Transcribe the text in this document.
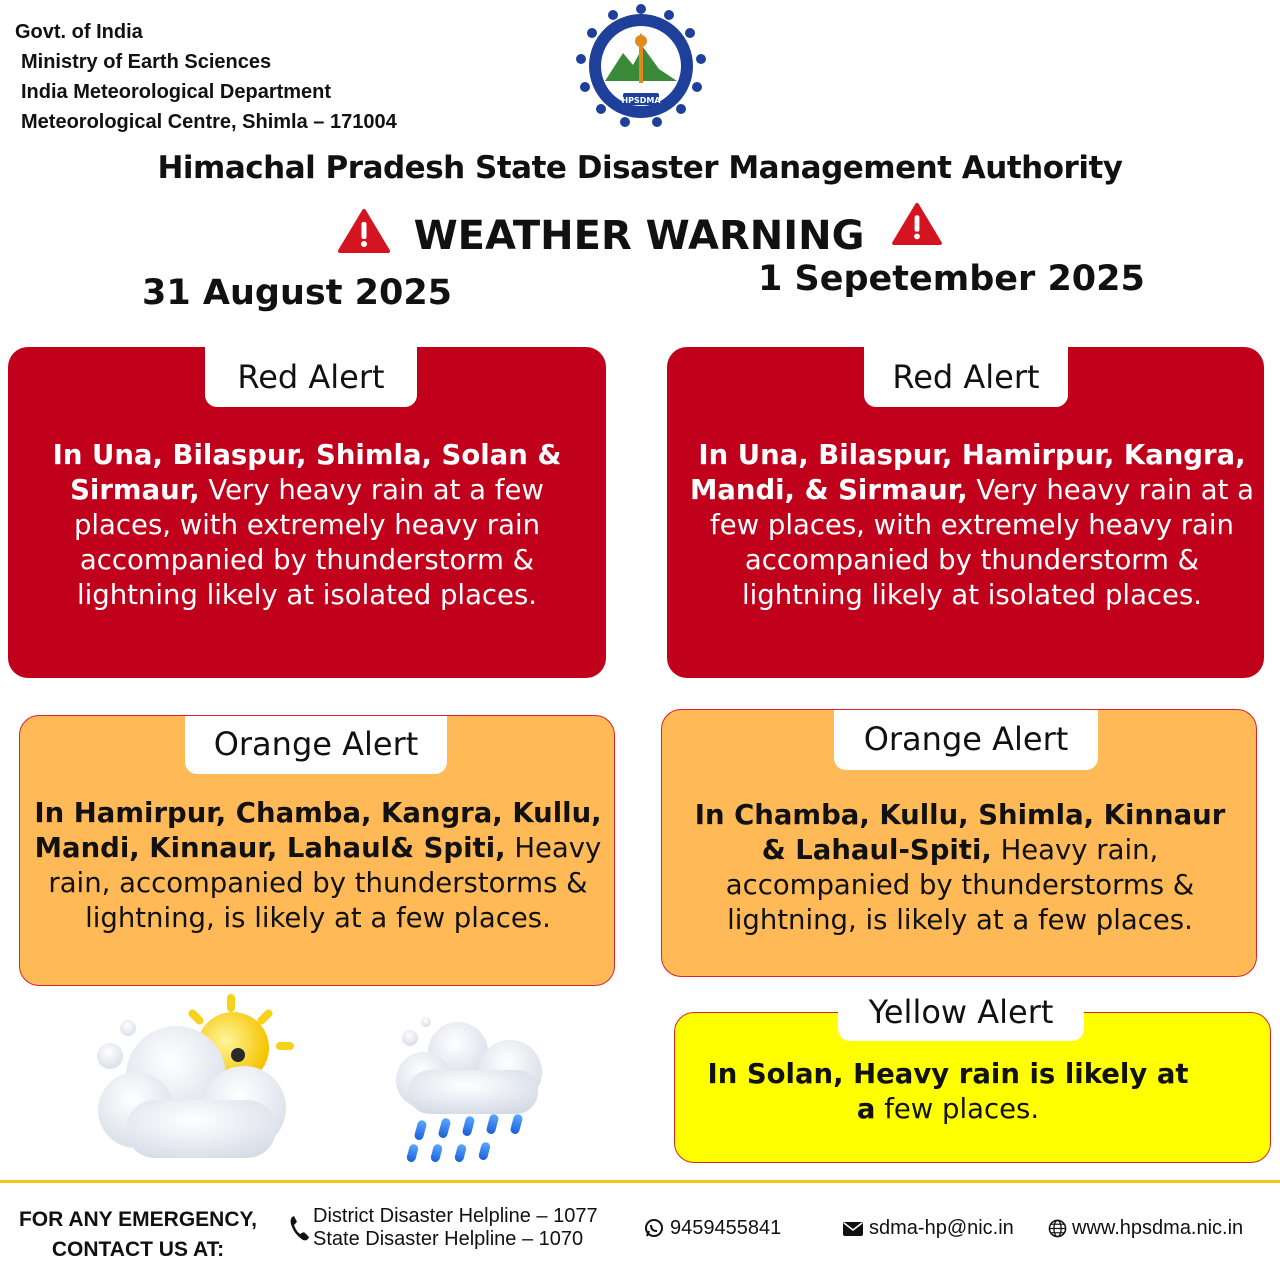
Govt. of India
Ministry of Earth Sciences
India Meteorological Department
Meteorological Centre, Shimla – 171004
HPSDMA
Himachal Pradesh State Disaster Management Authority
WEATHER WARNING
31 August 2025	1 Sepetember 2025
Red Alert
In Una, Bilaspur, Shimla, Solan & Sirmaur, Very heavy rain at a few places, with extremely heavy rain accompanied by thunderstorm & lightning likely at isolated places.
Red Alert
In Una, Bilaspur, Hamirpur, Kangra, Mandi, & Sirmaur, Very heavy rain at a few places, with extremely heavy rain accompanied by thunderstorm & lightning likely at isolated places.
Orange Alert
In Hamirpur, Chamba, Kangra, Kullu, Mandi, Kinnaur, Lahaul& Spiti, Heavy rain, accompanied by thunderstorms & lightning, is likely at a few places.
Orange Alert
In Chamba, Kullu, Shimla, Kinnaur & Lahaul-Spiti, Heavy rain, accompanied by thunderstorms & lightning, is likely at a few places.
Yellow Alert
In Solan, Heavy rain is likely at a few places.
FOR ANY EMERGENCY,
CONTACT US AT:
District Disaster Helpline – 1077
State Disaster Helpline – 1070	9459455841	sdma-hp@nic.in	www.hpsdma.nic.in
